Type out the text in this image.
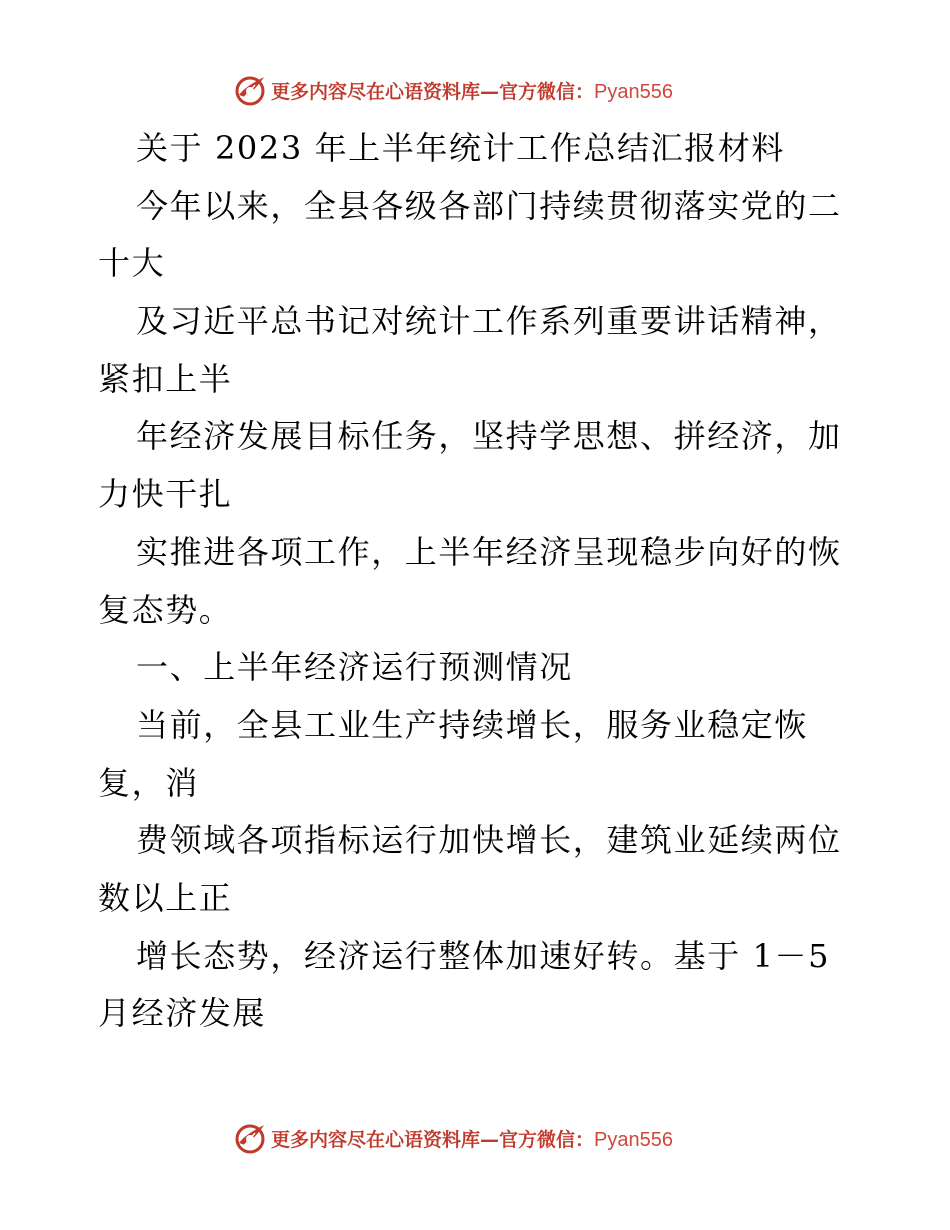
更多内容尽在心语资料库—官方微信：Pyan556
关于 2023 年上半年统计工作总结汇报材料
今年以来，全县各级各部门持续贯彻落实党的二
十大
及习近平总书记对统计工作系列重要讲话精神，
紧扣上半
年经济发展目标任务，坚持学思想、拼经济，加
力快干扎
实推进各项工作，上半年经济呈现稳步向好的恢
复态势。
一、上半年经济运行预测情况
当前，全县工业生产持续增长，服务业稳定恢
复，消
费领域各项指标运行加快增长，建筑业延续两位
数以上正
增长态势，经济运行整体加速好转。基于 1－5
月经济发展
更多内容尽在心语资料库—官方微信：Pyan556
